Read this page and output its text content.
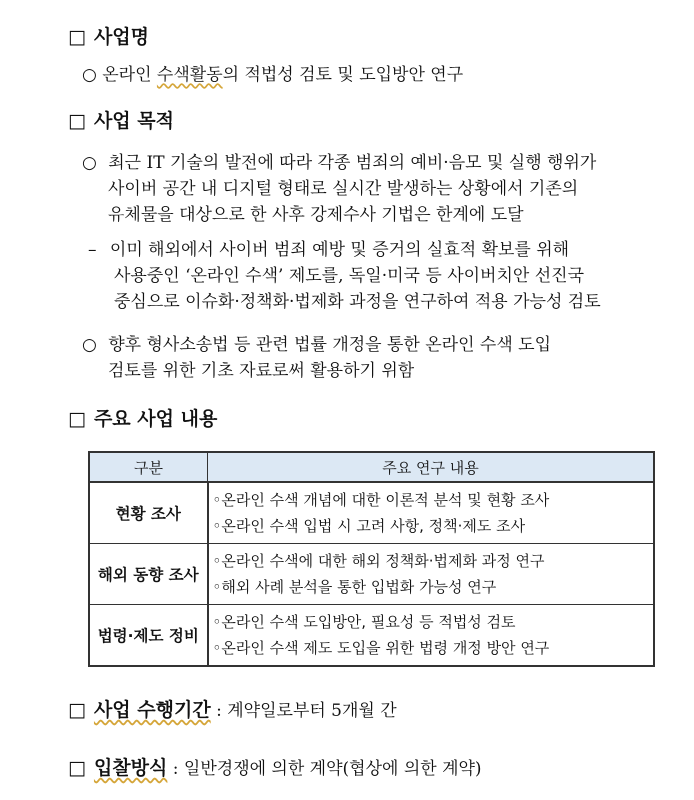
□ 사업명
○ 온라인 수색활동의 적법성 검토 및 도입방안 연구
□ 사업 목적
○ 최근 IT 기술의 발전에 따라 각종 범죄의 예비·음모 및 실행 행위가
사이버 공간 내 디지털 형태로 실시간 발생하는 상황에서 기존의
유체물을 대상으로 한 사후 강제수사 기법은 한계에 도달
– 이미 해외에서 사이버 범죄 예방 및 증거의 실효적 확보를 위해
사용중인 ‘온라인 수색’ 제도를, 독일·미국 등 사이버치안 선진국
중심으로 이슈화·정책화·법제화 과정을 연구하여 적용 가능성 검토
○ 향후 형사소송법 등 관련 법률 개정을 통한 온라인 수색 도입
검토를 위한 기초 자료로써 활용하기 위함
□ 주요 사업 내용
구분	주요 연구 내용
현황 조사	◦온라인 수색 개념에 대한 이론적 분석 및 현황 조사
◦온라인 수색 입법 시 고려 사항, 정책·제도 조사

해외 동향 조사	◦온라인 수색에 대한 해외 정책화·법제화 과정 연구
◦해외 사례 분석을 통한 입법화 가능성 연구

법령·제도 정비	◦온라인 수색 도입방안, 필요성 등 적법성 검토
◦온라인 수색 제도 도입을 위한 법령 개정 방안 연구
□ 사업 수행기간 : 계약일로부터 5개월 간
□ 입찰방식 : 일반경쟁에 의한 계약(협상에 의한 계약)
